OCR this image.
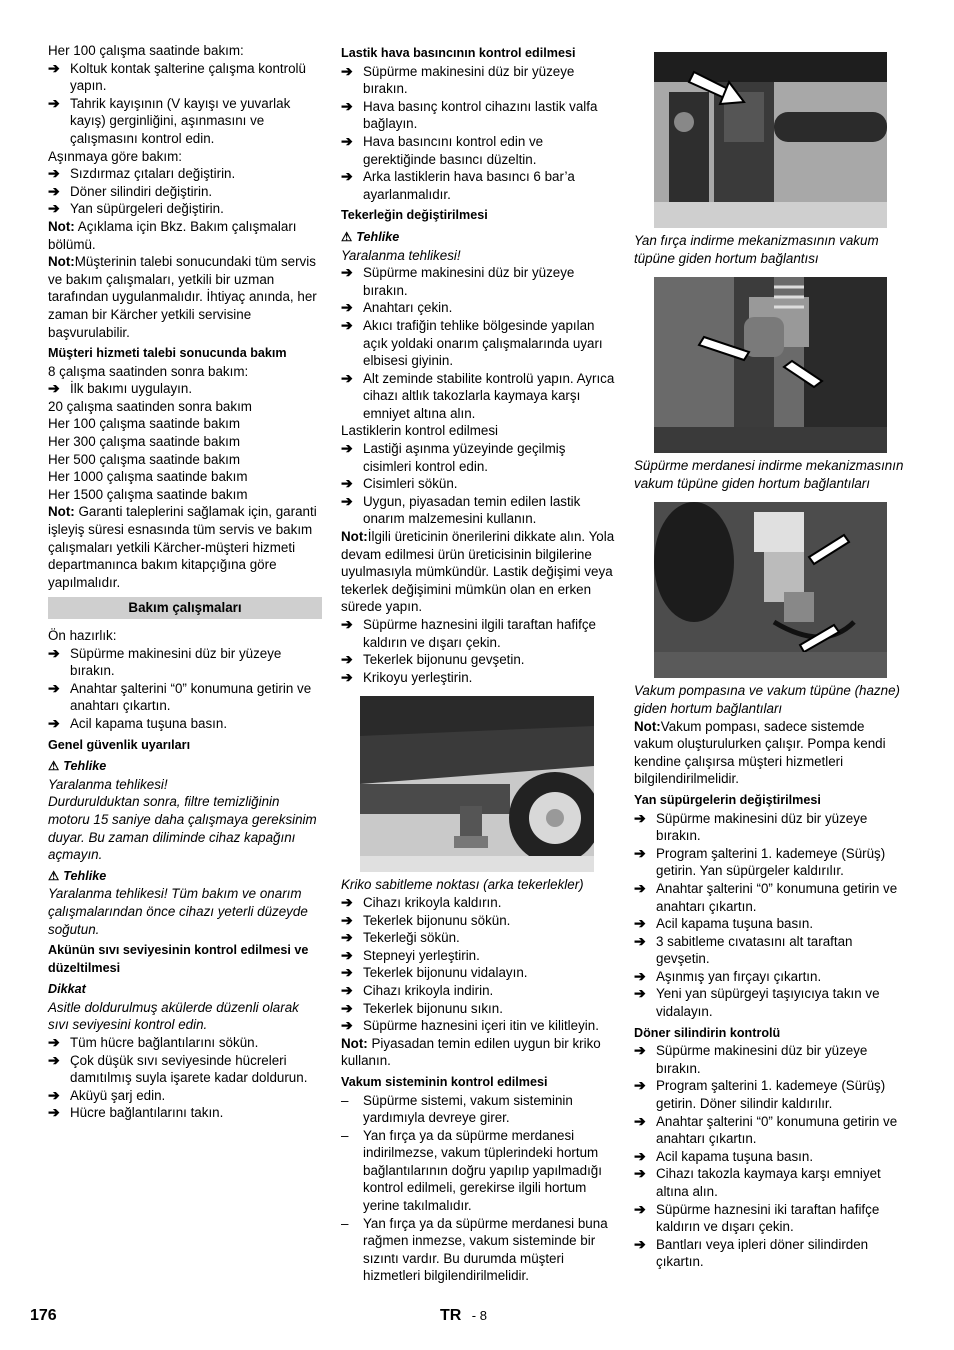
Her 100 çalışma saatinde bakım:

➔ Koltuk kontak şalterine çalışma kontrolü yapın.

➔ Tahrik kayışının (V kayışı ve yuvarlak kayış) gerginliğini, aşınmasını ve çalışmasını kontrol edin.

Aşınmaya göre bakım:

➔ Sızdırmaz çıtaları değiştirin.

➔ Döner silindiri değiştirin.

➔ Yan süpürgeleri değiştirin.

Not: Açıklama için Bkz. Bakım çalışmaları bölümü.

Not:Müşterinin talebi sonucundaki tüm servis ve bakım çalışmaları, yetkili bir uzman tarafından uygulanmalıdır. İhtiyaç anında, her zaman bir Kärcher yetkili servisine başvurulabilir.

Müşteri hizmeti talebi sonucunda bakım

8 çalışma saatinden sonra bakım:

➔ İlk bakımı uygulayın.

20 çalışma saatinden sonra bakım

Her 100 çalışma saatinde bakım

Her 300 çalışma saatinde bakım

Her 500 çalışma saatinde bakım

Her 1000 çalışma saatinde bakım

Her 1500 çalışma saatinde bakım

Not: Garanti taleplerini sağlamak için, garanti işleyiş süresi esnasında tüm servis ve bakım çalışmaları yetkili Kärcher-müşteri hizmeti departmanınca bakım kitapçığına göre yapılmalıdır.

Bakım çalışmaları

Ön hazırlık:

➔ Süpürme makinesini düz bir yüzeye bırakın.

➔ Anahtar şalterini “0” konumuna getirin ve anahtarı çıkartın.

➔ Acil kapama tuşuna basın.

Genel güvenlik uyarıları

⚠ Tehlike

Yaralanma tehlikesi!
Durdurulduktan sonra, filtre temizliğinin motoru 15 saniye daha çalışmaya gereksinim duyar. Bu zaman diliminde cihaz kapağını açmayın.

⚠ Tehlike

Yaralanma tehlikesi! Tüm bakım ve onarım çalışmalarından önce cihazı yeterli düzeyde soğutun.

Akünün sıvı seviyesinin kontrol edilmesi ve düzeltilmesi

Dikkat

Asitle doldurulmuş akülerde düzenli olarak sıvı seviyesini kontrol edin.

➔ Tüm hücre bağlantılarını sökün.

➔ Çok düşük sıvı seviyesinde hücreleri damıtılmış suyla işarete kadar doldurun.

➔ Aküyü şarj edin.

➔ Hücre bağlantılarını takın.

Lastik hava basıncının kontrol edilmesi

➔ Süpürme makinesini düz bir yüzeye bırakın.

➔ Hava basınç kontrol cihazını lastik valfa bağlayın.

➔ Hava basıncını kontrol edin ve gerektiğinde basıncı düzeltin.

➔ Arka lastiklerin hava basıncı 6 bar’a ayarlanmalıdır.

Tekerleğin değiştirilmesi

⚠ Tehlike

Yaralanma tehlikesi!

➔ Süpürme makinesini düz bir yüzeye bırakın.

➔ Anahtarı çekin.

➔ Akıcı trafiğin tehlike bölgesinde yapılan açık yoldaki onarım çalışmalarında uyarı elbisesi giyinin.

➔ Alt zeminde stabilite kontrolü yapın. Ayrıca cihazı altlık takozlarla kaymaya karşı emniyet altına alın.

Lastiklerin kontrol edilmesi

➔ Lastiği aşınma yüzeyinde geçilmiş cisimleri kontrol edin.

➔ Cisimleri sökün.

➔ Uygun, piyasadan temin edilen lastik onarım malzemesini kullanın.

Not:İlgili üreticinin önerilerini dikkate alın. Yola devam edilmesi ürün üreticisinin bilgilerine uyulmasıyla mümkündür. Lastik değişimi veya tekerlek değişimini mümkün olan en erken sürede yapın.

➔ Süpürme haznesini ilgili taraftan hafifçe kaldırın ve dışarı çekin.

➔ Tekerlek bijonunu gevşetin.

➔ Krikoyu yerleştirin.

Kriko sabitleme noktası (arka tekerlekler)

➔ Cihazı krikoyla kaldırın.

➔ Tekerlek bijonunu sökün.

➔ Tekerleği sökün.

➔ Stepneyi yerleştirin.

➔ Tekerlek bijonunu vidalayın.

➔ Cihazı krikoyla indirin.

➔ Tekerlek bijonunu sıkın.

➔ Süpürme haznesini içeri itin ve kilitleyin.

Not: Piyasadan temin edilen uygun bir kriko kullanın.

Vakum sisteminin kontrol edilmesi

– Süpürme sistemi, vakum sisteminin yardımıyla devreye girer.

– Yan fırça ya da süpürme merdanesi indirilmezse, vakum tüplerindeki hortum bağlantılarının doğru yapılıp yapılmadığı kontrol edilmeli, gerekirse ilgili hortum yerine takılmalıdır.

– Yan fırça ya da süpürme merdanesi buna rağmen inmezse, vakum sisteminde bir sızıntı vardır. Bu durumda müşteri hizmetleri bilgilendirilmelidir.

Yan fırça indirme mekanizmasının vakum tüpüne giden hortum bağlantısı

Süpürme merdanesi indirme mekanizmasının vakum tüpüne giden hortum bağlantıları

Vakum pompasına ve vakum tüpüne (hazne) giden hortum bağlantıları

Not:Vakum pompası, sadece sistemde vakum oluşturulurken çalışır. Pompa kendi kendine çalışırsa müşteri hizmetleri bilgilendirilmelidir.

Yan süpürgelerin değiştirilmesi

➔ Süpürme makinesini düz bir yüzeye bırakın.

➔ Program şalterini 1. kademeye (Sürüş) getirin. Yan süpürgeler kaldırılır.

➔ Anahtar şalterini “0” konumuna getirin ve anahtarı çıkartın.

➔ Acil kapama tuşuna basın.

➔ 3 sabitleme cıvatasını alt taraftan gevşetin.

➔ Aşınmış yan fırçayı çıkartın.

➔ Yeni yan süpürgeyi taşıyıcıya takın ve vidalayın.

Döner silindirin kontrolü

➔ Süpürme makinesini düz bir yüzeye bırakın.

➔ Program şalterini 1. kademeye (Sürüş) getirin. Döner silindir kaldırılır.

➔ Anahtar şalterini “0” konumuna getirin ve anahtarı çıkartın.

➔ Acil kapama tuşuna basın.

➔ Cihazı takozla kaymaya karşı emniyet altına alın.

➔ Süpürme haznesini iki taraftan hafifçe kaldırın ve dışarı çekin.

➔ Bantları veya ipleri döner silindirden çıkartın.

176	TR - 8
